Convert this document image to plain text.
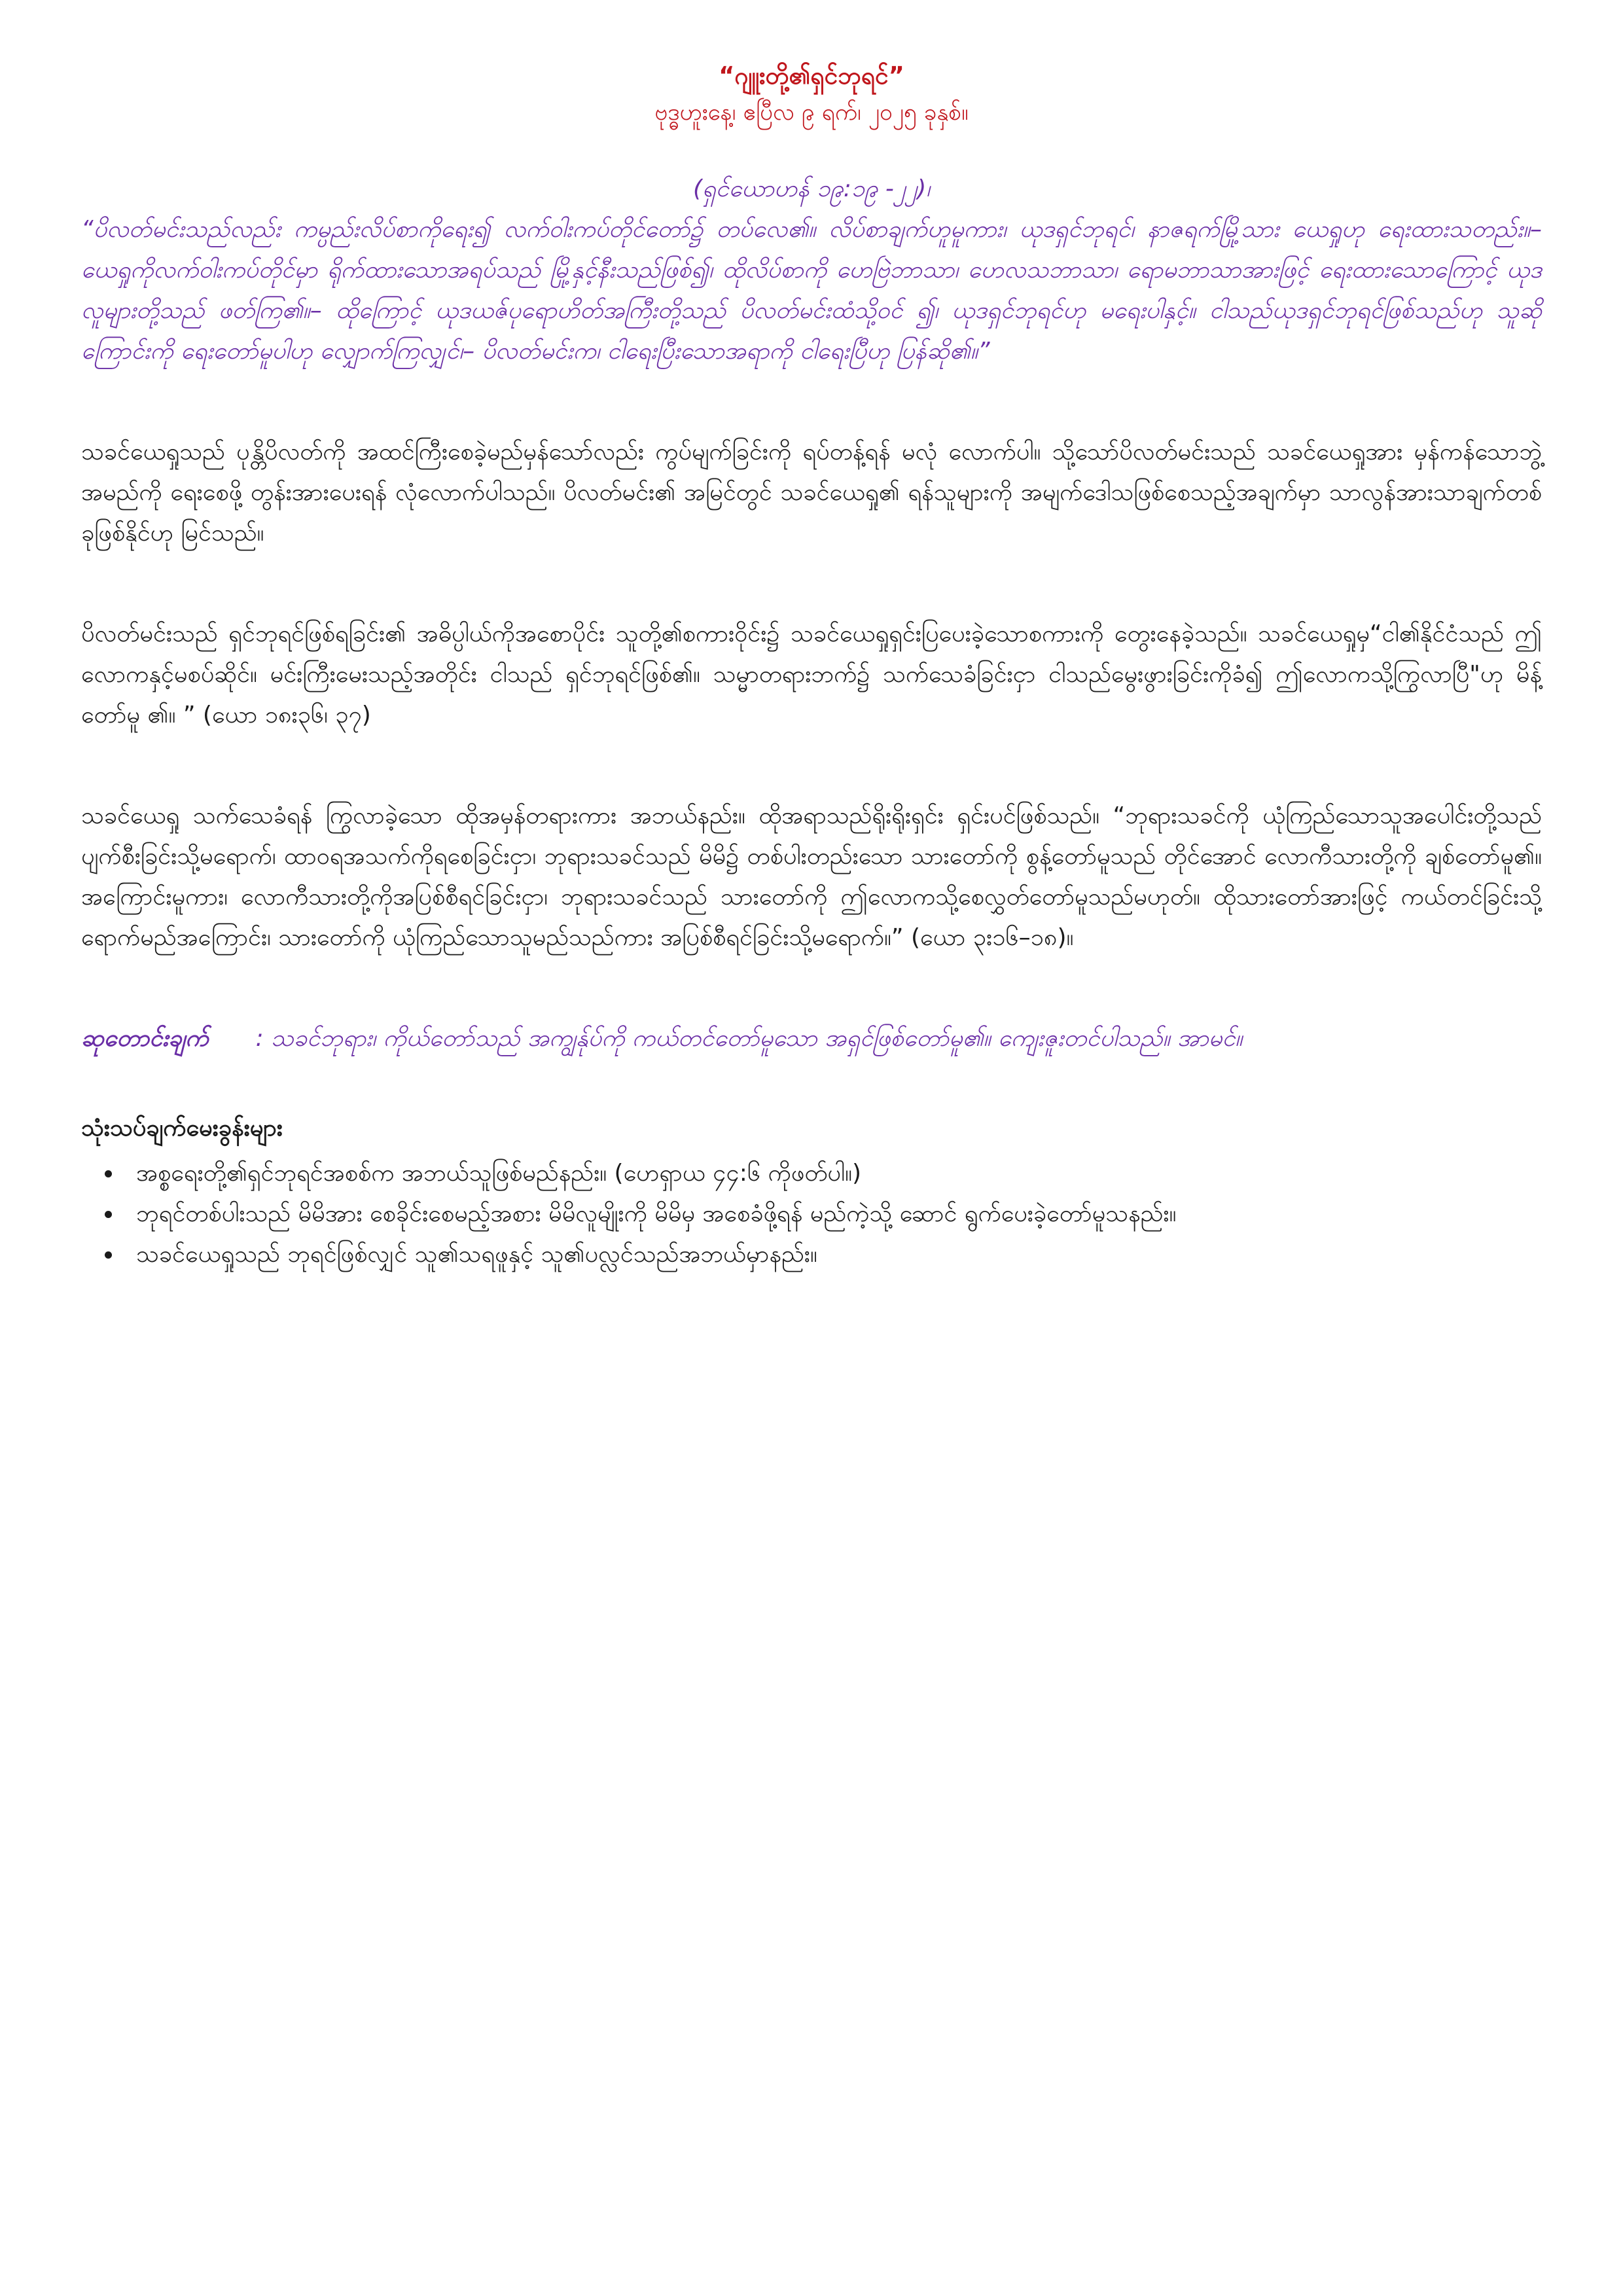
“ဂျူးတို့၏ရှင်ဘုရင်”

ဗုဒ္ဓဟူးနေ့၊ ဧပြီလ ၉ ရက်၊ ၂၀၂၅ ခုနှစ်။

(ရှင်ယောဟန် ၁၉:၁၉ -၂၂)၊
“ပိလတ်မင်းသည်လည်း ကမ္ပည်းလိပ်စာကိုရေး၍ လက်ဝါးကပ်တိုင်တော်၌ တပ်လေ၏။ လိပ်စာချက်ဟူမူကား၊ ယုဒရှင်ဘုရင်၊ နာဇရက်မြို့သား ယေရှုဟု ရေးထားသတည်း။– ယေရှုကိုလက်ဝါးကပ်တိုင်မှာ ရိုက်ထားသောအရပ်သည် မြို့နှင့်နီးသည်ဖြစ်၍၊ ထိုလိပ်စာကို ဟေဗြဲဘာသာ၊ ဟေလသဘာသာ၊ ရောမဘာသာအားဖြင့် ရေးထားသောကြောင့် ယုဒလူများတို့သည် ဖတ်ကြ၏။– ထိုကြောင့် ယုဒယဇ်ပုရောဟိတ်အကြီးတို့သည် ပိလတ်မင်းထံသို့ဝင် ၍၊ ယုဒရှင်ဘုရင်ဟု မရေးပါနှင့်။ ငါသည်ယုဒရှင်ဘုရင်ဖြစ်သည်ဟု သူဆိုကြောင်းကို ရေးတော်မူပါဟု လျှောက်ကြလျှင်၊– ပိလတ်မင်းက၊ ငါရေးပြီးသောအရာကို ငါရေးပြီဟု ပြန်ဆို၏။”

သခင်ယေရှုသည် ပုန္တိပိလတ်ကို အထင်ကြီးစေခဲ့မည်မှန်သော်လည်း ကွပ်မျက်ခြင်းကို ရပ်တန့်ရန် မလုံ လောက်ပါ။ သို့သော်ပိလတ်မင်းသည် သခင်ယေရှုအား မှန်ကန်သောဘွဲ့အမည်ကို ရေးစေဖို့ တွန်းအားပေးရန် လုံလောက်ပါသည်။ ပိလတ်မင်း၏ အမြင်တွင် သခင်ယေရှု၏ ရန်သူများကို အမျက်ဒေါသဖြစ်စေသည့်အချက်မှာ သာလွန်အားသာချက်တစ်ခုဖြစ်နိုင်ဟု မြင်သည်။

ပိလတ်မင်းသည် ရှင်ဘုရင်ဖြစ်ရခြင်း၏ အဓိပ္ပါယ်ကိုအစောပိုင်း သူတို့၏စကားဝိုင်း၌ သခင်ယေရှုရှင်းပြပေးခဲ့သောစကားကို တွေးနေခဲ့သည်။ သခင်ယေရှုမှ“ငါ၏နိုင်ငံသည် ဤလောကနှင့်မစပ်ဆိုင်။ မင်းကြီးမေးသည့်အတိုင်း ငါသည် ရှင်ဘုရင်ဖြစ်၏။ သမ္မာတရားဘက်၌ သက်သေခံခြင်းငှာ ငါသည်မွေးဖွားခြင်းကိုခံ၍ ဤလောကသို့ကြွလာပြီ"ဟု မိန့်တော်မူ ၏။ ” (ယော ၁၈း၃၆၊ ၃၇)

သခင်ယေရှု သက်သေခံရန် ကြွလာခဲ့သော ထိုအမှန်တရားကား အဘယ်နည်း။ ထိုအရာသည်ရိုးရိုးရှင်း ရှင်းပင်ဖြစ်သည်။ “ဘုရားသခင်ကို ယုံကြည်သောသူအပေါင်းတို့သည် ပျက်စီးခြင်းသို့မရောက်၊ ထာဝရအသက်ကိုရစေခြင်းငှာ၊ ဘုရားသခင်သည် မိမိ၌ တစ်ပါးတည်းသော သားတော်ကို စွန့်တော်မူသည် တိုင်အောင် လောကီသားတို့ကို ချစ်တော်မူ၏။ အကြောင်းမူကား၊ လောကီသားတို့ကိုအပြစ်စီရင်ခြင်းငှာ၊ ဘုရားသခင်သည် သားတော်ကို ဤလောကသို့စေလွှတ်တော်မူသည်မဟုတ်။ ထိုသားတော်အားဖြင့် ကယ်တင်ခြင်းသို့ရောက်မည်အကြောင်း၊ သားတော်ကို ယုံကြည်သောသူမည်သည်ကား အပြစ်စီရင်ခြင်းသို့မရောက်။” (ယော ၃း၁၆–၁၈)။

ဆုတောင်းချက် : သခင်ဘုရား၊ ကိုယ်တော်သည် အကျွန်ုပ်ကို ကယ်တင်တော်မူသော အရှင်ဖြစ်တော်မူ၏။ ကျေးဇူးတင်ပါသည်။ အာမင်။
သုံးသပ်ချက်မေးခွန်းများ
အစ္စရေးတို့၏ရှင်ဘုရင်အစစ်က အဘယ်သူဖြစ်မည်နည်း။ (ဟေရှာယ ၄၄:၆ ကိုဖတ်ပါ။)
ဘုရင်တစ်ပါးသည် မိမိအား စေခိုင်းစေမည့်အစား မိမိလူမျိုးကို မိမိမှ အစေခံဖို့ရန် မည်ကဲ့သို့ ဆောင် ရွက်ပေးခဲ့တော်မူသနည်း။
သခင်ယေရှုသည် ဘုရင်ဖြစ်လျှင် သူ၏သရဖူနှင့် သူ၏ပလ္လင်သည်အဘယ်မှာနည်း။
